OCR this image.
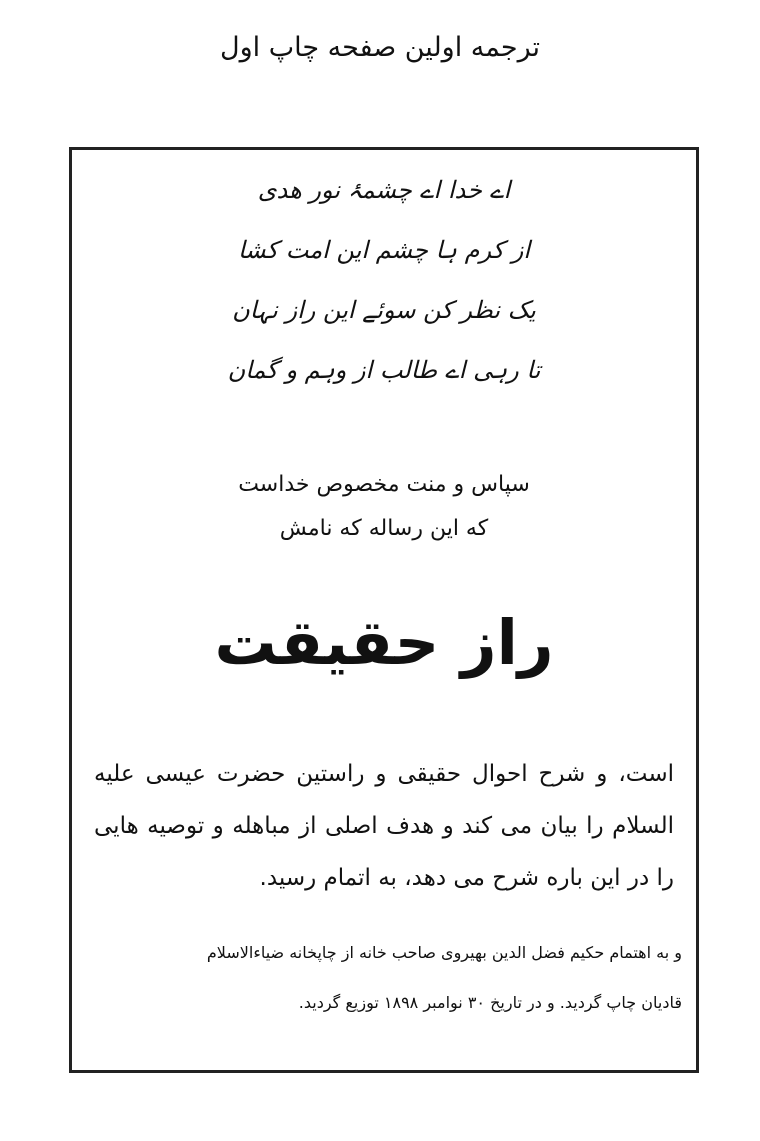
ترجمه اولین صفحه چاپ اول
اے خدا اے چشمۂ نور ھدی
از کرم ہا چشم این امت کشا
یک نظر کن سوئے این راز نہان
تا رہی اے طالب از وہم و گمان
سپاس و منت مخصوص خداست
که این رساله که نامش
راز حقیقت
است، و شرح احوال حقیقی و راستین حضرت عیسی علیه السلام را بیان می کند و هدف اصلی از مباهله و توصیه هایی را در این باره شرح می دهد، به اتمام رسید.
و به اهتمام حکیم فضل الدین بهیروی صاحب خانه از چاپخانه ضیاءالاسلام
قادیان چاپ گردید. و در تاریخ ۳۰ نوامبر ۱۸۹۸ توزیع گردید.
